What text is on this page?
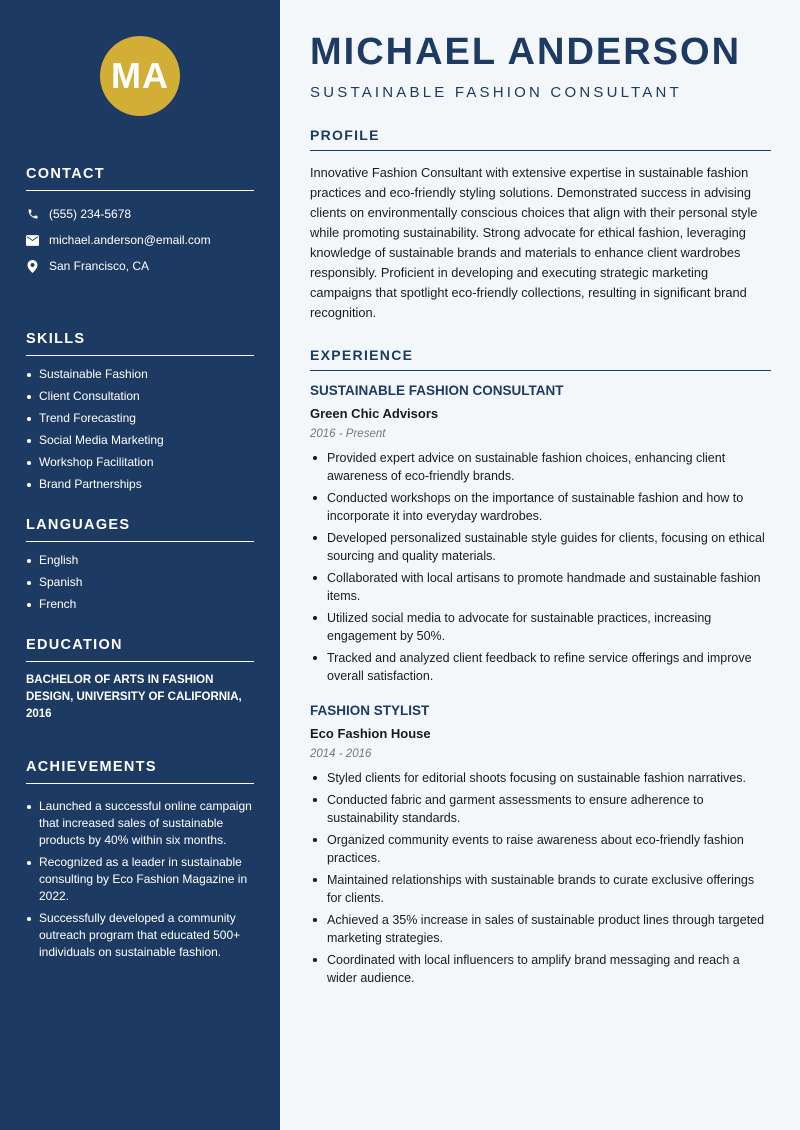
MA
CONTACT
(555) 234-5678
michael.anderson@email.com
San Francisco, CA
SKILLS
Sustainable Fashion
Client Consultation
Trend Forecasting
Social Media Marketing
Workshop Facilitation
Brand Partnerships
LANGUAGES
English
Spanish
French
EDUCATION

BACHELOR OF ARTS IN FASHION DESIGN, UNIVERSITY OF CALIFORNIA, 2016

ACHIEVEMENTS
Launched a successful online campaign that increased sales of sustainable products by 40% within six months.
Recognized as a leader in sustainable consulting by Eco Fashion Magazine in 2022.
Successfully developed a community outreach program that educated 500+ individuals on sustainable fashion.
MICHAEL ANDERSON
SUSTAINABLE FASHION CONSULTANT
PROFILE

Innovative Fashion Consultant with extensive expertise in sustainable fashion practices and eco-friendly styling solutions. Demonstrated success in advising clients on environmentally conscious choices that align with their personal style while promoting sustainability. Strong advocate for ethical fashion, leveraging knowledge of sustainable brands and materials to enhance client wardrobes responsibly. Proficient in developing and executing strategic marketing campaigns that spotlight eco-friendly collections, resulting in significant brand recognition.

EXPERIENCE
SUSTAINABLE FASHION CONSULTANT
Green Chic Advisors
2016 - Present
Provided expert advice on sustainable fashion choices, enhancing client awareness of eco-friendly brands.
Conducted workshops on the importance of sustainable fashion and how to incorporate it into everyday wardrobes.
Developed personalized sustainable style guides for clients, focusing on ethical sourcing and quality materials.
Collaborated with local artisans to promote handmade and sustainable fashion items.
Utilized social media to advocate for sustainable practices, increasing engagement by 50%.
Tracked and analyzed client feedback to refine service offerings and improve overall satisfaction.
FASHION STYLIST
Eco Fashion House
2014 - 2016
Styled clients for editorial shoots focusing on sustainable fashion narratives.
Conducted fabric and garment assessments to ensure adherence to sustainability standards.
Organized community events to raise awareness about eco-friendly fashion practices.
Maintained relationships with sustainable brands to curate exclusive offerings for clients.
Achieved a 35% increase in sales of sustainable product lines through targeted marketing strategies.
Coordinated with local influencers to amplify brand messaging and reach a wider audience.
